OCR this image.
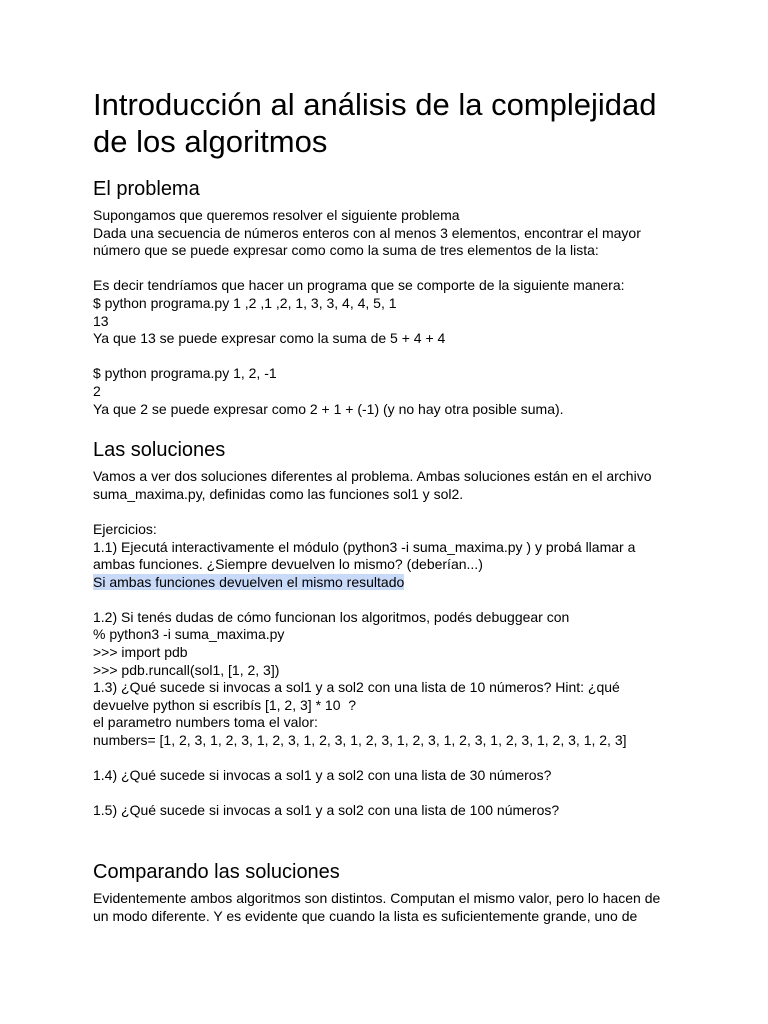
Introducción al análisis de la complejidad de los algoritmos
El problema

Supongamos que queremos resolver el siguiente problema

Dada una secuencia de números enteros con al menos 3 elementos, encontrar el mayor

número que se puede expresar como como la suma de tres elementos de la lista:

Es decir tendríamos que hacer un programa que se comporte de la siguiente manera:

$ python programa.py 1 ,2 ,1 ,2, 1, 3, 3, 4, 4, 5, 1

13

Ya que 13 se puede expresar como la suma de 5 + 4 + 4

$ python programa.py 1, 2, -1

2

Ya que 2 se puede expresar como 2 + 1 + (-1) (y no hay otra posible suma).

Las soluciones

Vamos a ver dos soluciones diferentes al problema. Ambas soluciones están en el archivo

suma_maxima.py, definidas como las funciones sol1 y sol2.

Ejercicios:

1.1) Ejecutá interactivamente el módulo (python3 -i suma_maxima.py ) y probá llamar a

ambas funciones. ¿Siempre devuelven lo mismo? (deberían...)

Si ambas funciones devuelven el mismo resultado

1.2) Si tenés dudas de cómo funcionan los algoritmos, podés debuggear con

% python3 -i suma_maxima.py

>>> import pdb

>>> pdb.runcall(sol1, [1, 2, 3])

1.3) ¿Qué sucede si invocas a sol1 y a sol2 con una lista de 10 números? Hint: ¿qué

devuelve python si escribís [1, 2, 3] * 10  ?

el parametro numbers toma el valor:

numbers= [1, 2, 3, 1, 2, 3, 1, 2, 3, 1, 2, 3, 1, 2, 3, 1, 2, 3, 1, 2, 3, 1, 2, 3, 1, 2, 3, 1, 2, 3]

1.4) ¿Qué sucede si invocas a sol1 y a sol2 con una lista de 30 números?

1.5) ¿Qué sucede si invocas a sol1 y a sol2 con una lista de 100 números?

Comparando las soluciones

Evidentemente ambos algoritmos son distintos. Computan el mismo valor, pero lo hacen de

un modo diferente. Y es evidente que cuando la lista es suficientemente grande, uno de
